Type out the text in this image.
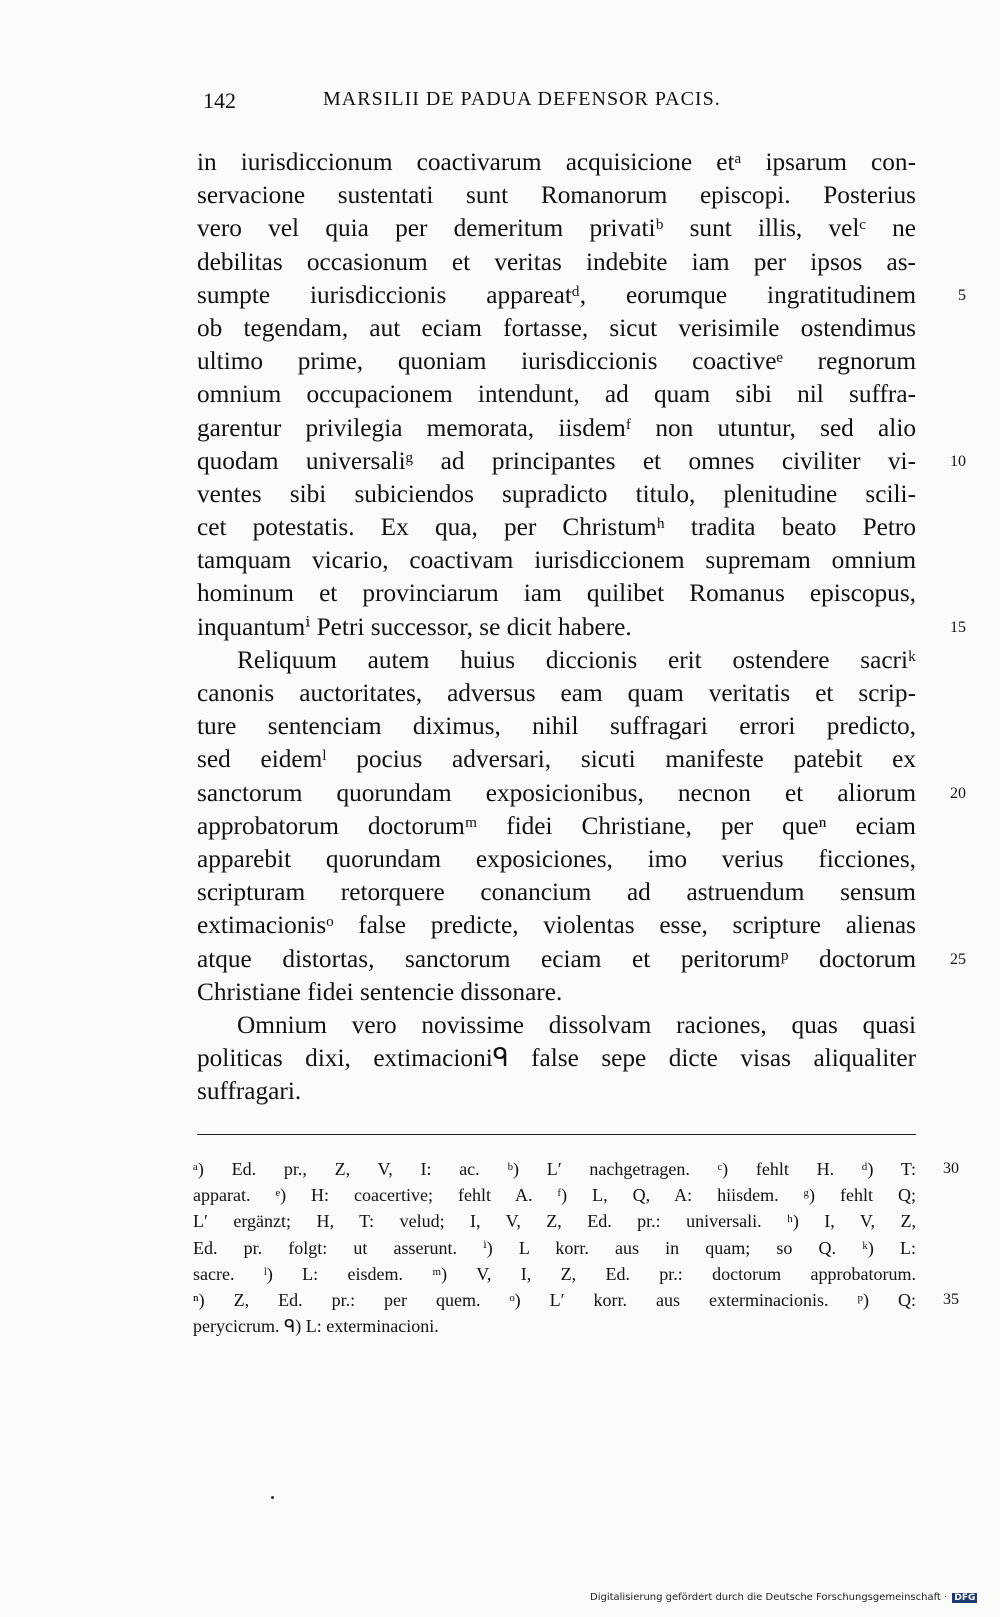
142	MARSILII DE PADUA DEFENSOR PACIS.
in iurisdiccionum coactivarum acquisicione etᵃ ipsarum con-
servacione sustentati sunt Romanorum episcopi. Posterius
vero vel quia per demeritum privatiᵇ sunt illis, velᶜ ne
debilitas occasionum et veritas indebite iam per ipsos as-
sumpte iurisdiccionis appareatᵈ, eorumque ingratitudinem	5
ob tegendam, aut eciam fortasse, sicut verisimile ostendimus
ultimo prime, quoniam iurisdiccionis coactiveᵉ regnorum
omnium occupacionem intendunt, ad quam sibi nil suffra-
garentur privilegia memorata, iisdemᶠ non utuntur, sed alio
quodam universaliᵍ ad principantes et omnes civiliter vi- 10
ventes sibi subiciendos supradicto titulo, plenitudine scili-
cet potestatis. Ex qua, per Christumʰ tradita beato Petro
tamquam vicario, coactivam iurisdiccionem supremam omnium
hominum et provinciarum iam quilibet Romanus episcopus,
inquantumⁱ Petri successor, se dicit habere.	15
Reliquum autem huius diccionis erit ostendere sacriᵏ
canonis auctoritates, adversus eam quam veritatis et scrip-
ture sentenciam diximus, nihil suffragari errori predicto,
sed eidemˡ pocius adversari, sicuti manifeste patebit ex
sanctorum quorundam exposicionibus, necnon et aliorum 20
approbatorum doctorumᵐ fidei Christiane, per queⁿ eciam
apparebit quorundam exposiciones, imo verius ficciones,
scripturam retorquere conancium ad astruendum sensum
extimacionisᵒ false predicte, violentas esse, scripture alienas
atque distortas, sanctorum eciam et peritorumᵖ doctorum 25
Christiane fidei sentencie dissonare.
Omnium vero novissime dissolvam raciones, quas quasi
politicas dixi, extimacioniᑫ false sepe dicte visas aliqualiter
suffragari.
ᵃ) Ed. pr., Z, V, I: ac. ᵇ) L′ nachgetragen. ᶜ) fehlt H. ᵈ) T: 30
apparat. ᵉ) H: coacertive; fehlt A. ᶠ) L, Q, A: hiisdem. ᵍ) fehlt Q;
L′ ergänzt; H, T: velud; I, V, Z, Ed. pr.: universali. ʰ) I, V, Z,
Ed. pr. folgt: ut asserunt. ⁱ) L korr. aus in quam; so Q. ᵏ) L:
sacre. ˡ) L: eisdem. ᵐ) V, I, Z, Ed. pr.: doctorum approbatorum.
ⁿ) Z, Ed. pr.: per quem. ᵒ) L′ korr. aus exterminacionis. ᵖ) Q: 35
perycicrum. ᑫ) L: exterminacioni.
Digitalisierung gefördert durch die Deutsche Forschungsgemeinschaft · DFG
